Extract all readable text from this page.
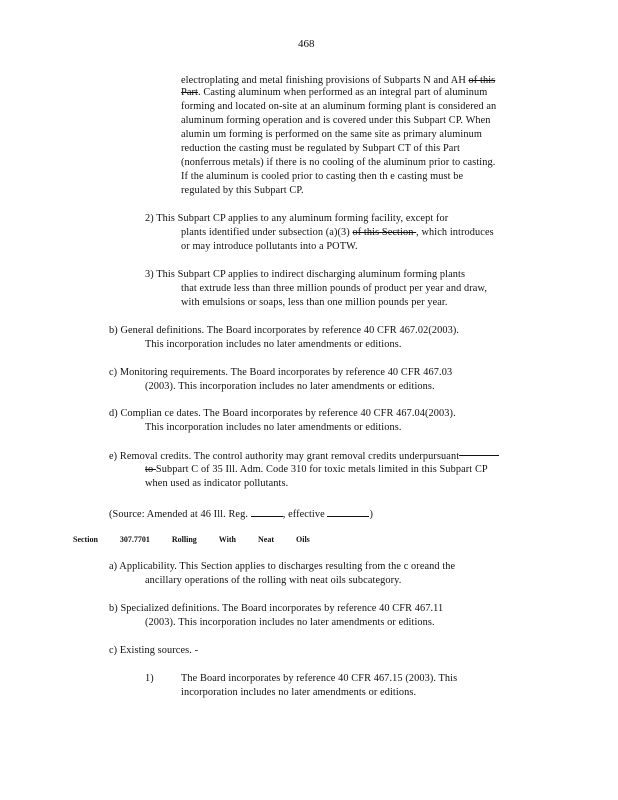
468
electroplating and metal finishing provisions of Subparts N and AH of this
Part. Casting aluminum when performed as an integral part of aluminum
forming and located on-site at an aluminum forming plant is considered an
aluminum forming operation and is covered under this Subpart CP. When
alumin um forming is performed on the same site as primary aluminum
reduction the casting must be regulated by Subpart CT of this Part
(nonferrous metals) if there is no cooling of the aluminum prior to casting.
If the aluminum is cooled prior to casting then th e casting must be
regulated by this Subpart CP.
2) This Subpart CP applies to any aluminum forming facility, except for
plants identified under subsection (a)(3) of this Section , which introduces
or may introduce pollutants into a POTW.
3) This Subpart CP applies to indirect discharging aluminum forming plants
that extrude less than three million pounds of product per year and draw,
with emulsions or soaps, less than one million pounds per year.
b) General definitions. The Board incorporates by reference 40 CFR 467.02(2003).
This incorporation includes no later amendments or editions.
c) Monitoring requirements. The Board incorporates by reference 40 CFR 467.03
(2003). This incorporation includes no later amendments or editions.
d) Complian ce dates. The Board incorporates by reference 40 CFR 467.04(2003).
This incorporation includes no later amendments or editions.
e) Removal credits. The control authority may grant removal credits underpursuant
to Subpart C of 35 Ill. Adm. Code 310 for toxic metals limited in this Subpart CP
when used as indicator pollutants.
(Source: Amended at 46 Ill. Reg.	, effective	)
Section	307.7701	Rolling	With	Neat	Oils
a) Applicability. This Section applies to discharges resulting from the c oreand the
ancillary operations of the rolling with neat oils subcategory.
b) Specialized definitions. The Board incorporates by reference 40 CFR 467.11
(2003). This incorporation includes no later amendments or editions.
c) Existing sources. -
1)	The Board incorporates by reference 40 CFR 467.15 (2003). This
incorporation includes no later amendments or editions.
